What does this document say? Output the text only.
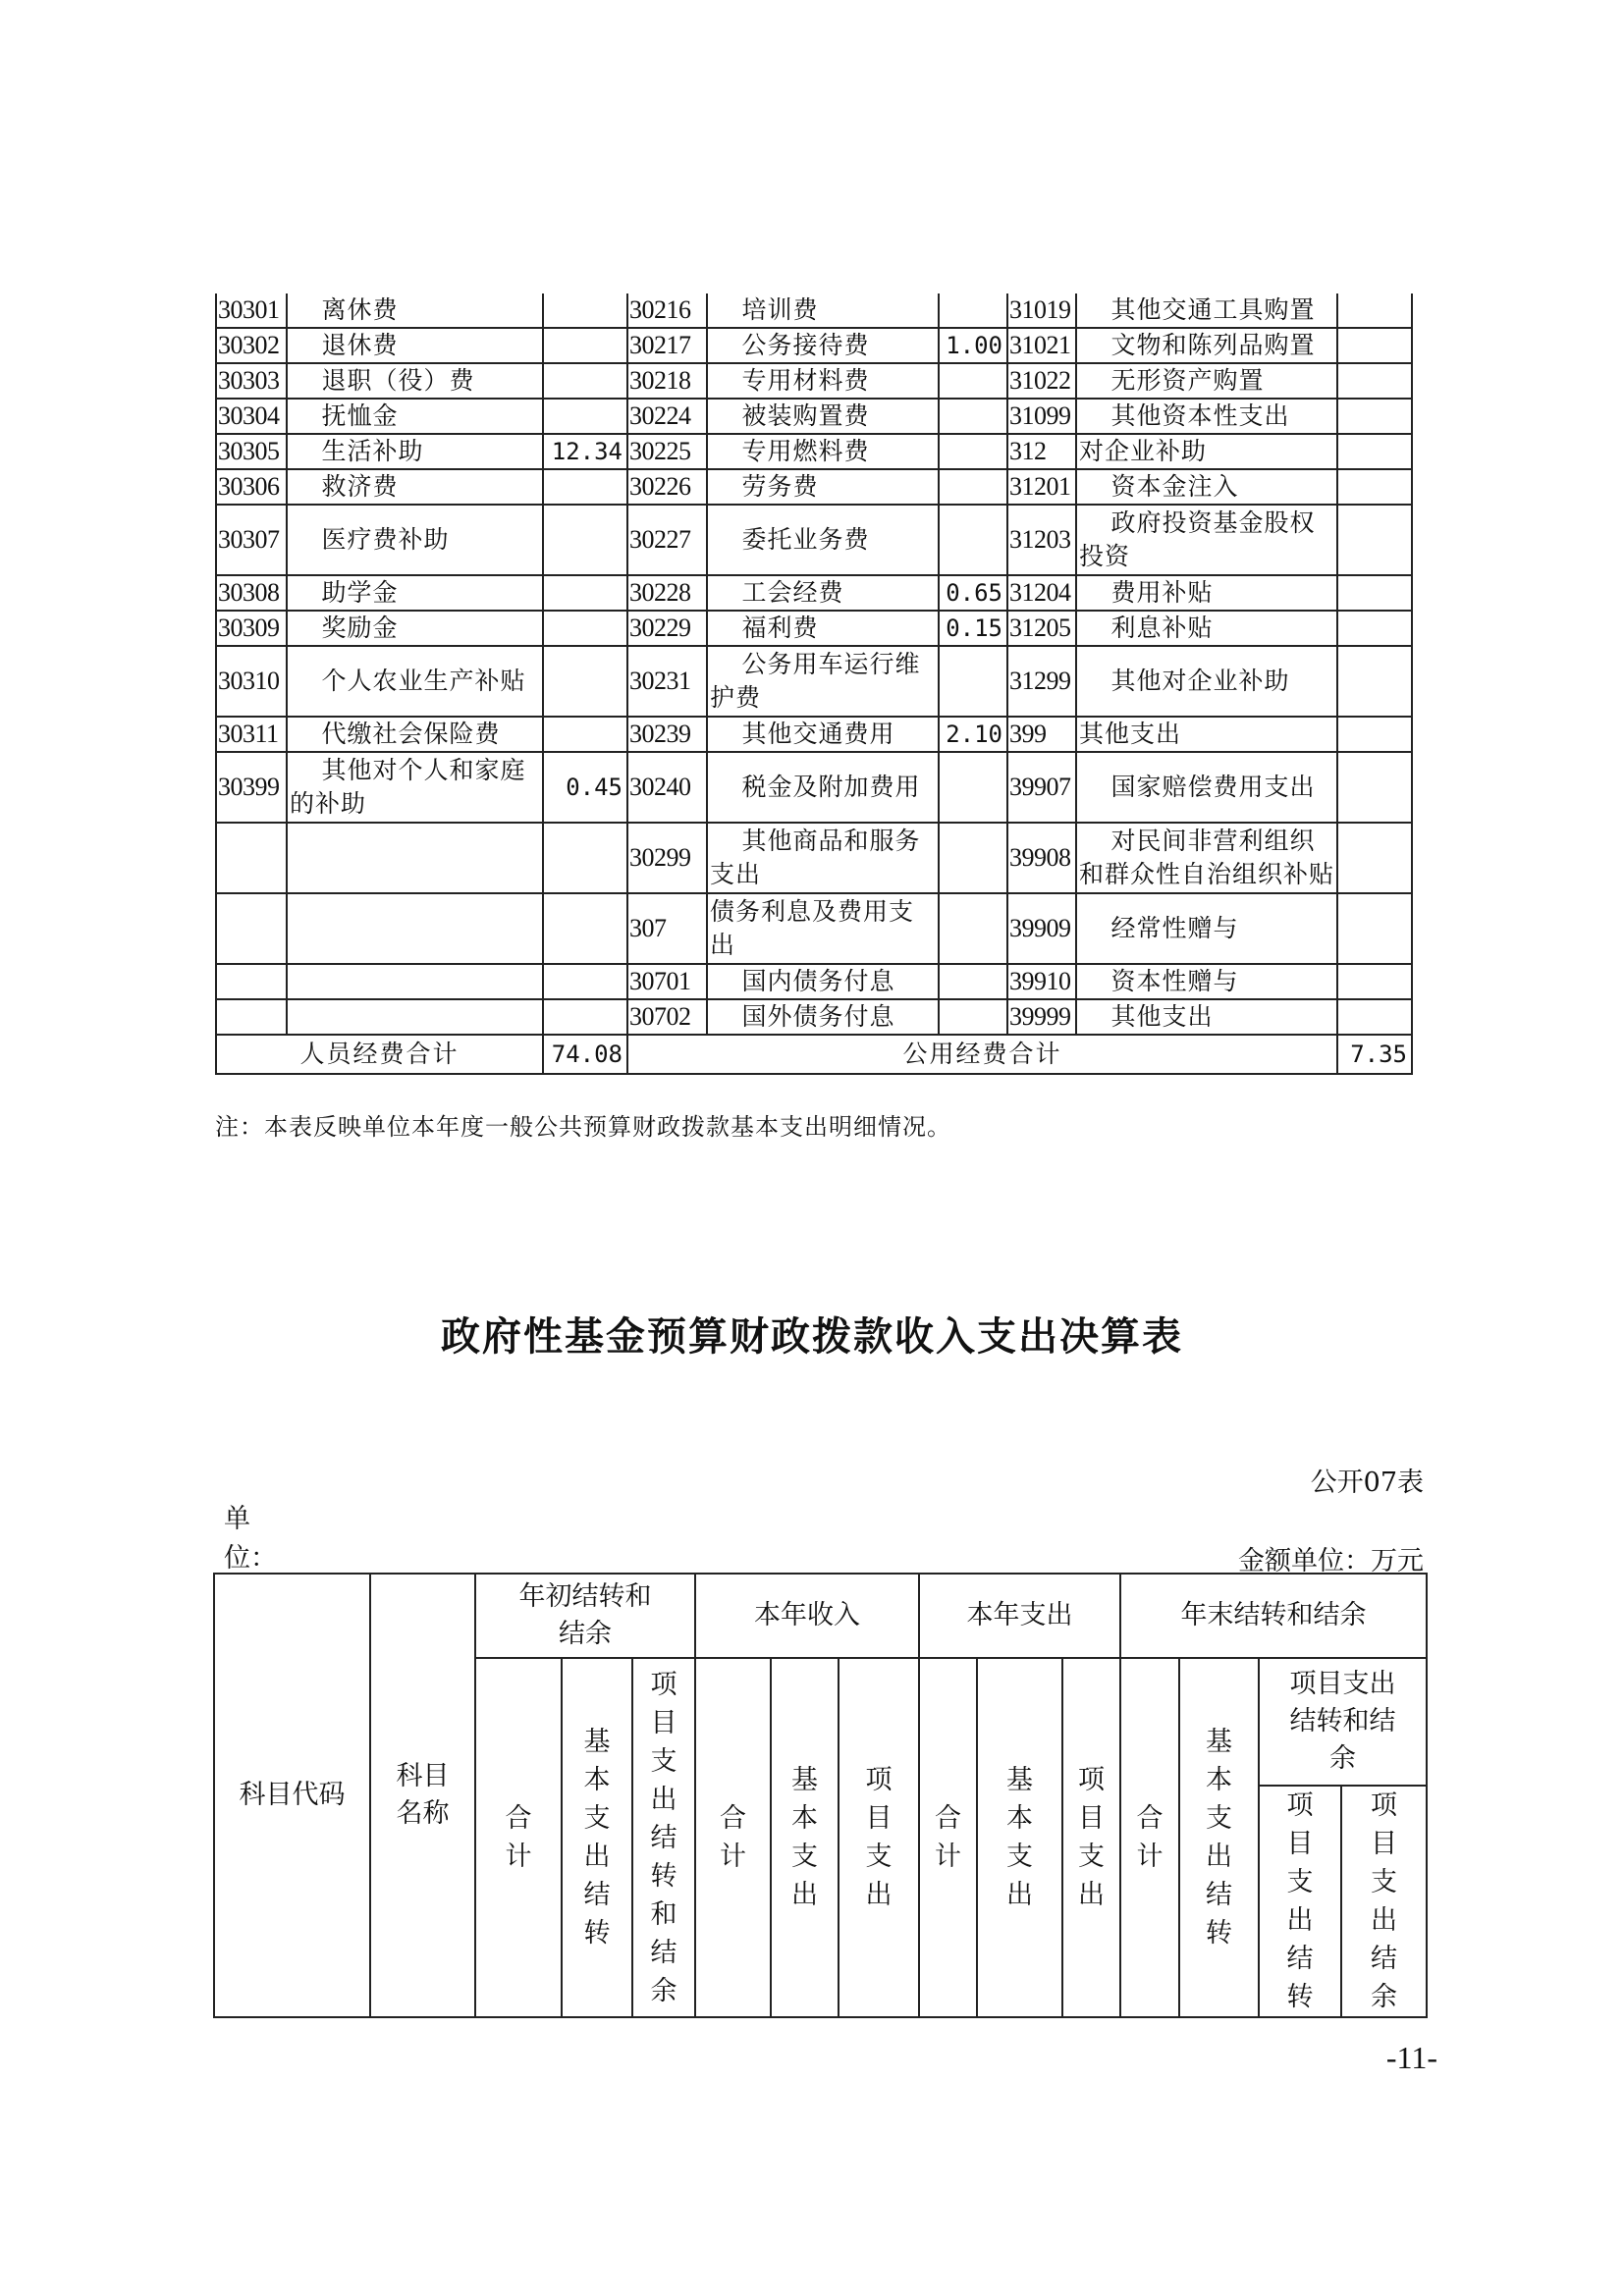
30301	离休费		30216	培训费		31019	其他交通工具购置	
30302	退休费		30217	公务接待费	1.00	31021	文物和陈列品购置	
30303	退职（役）费		30218	专用材料费		31022	无形资产购置	
30304	抚恤金		30224	被装购置费		31099	其他资本性支出	
30305	生活补助	12.34	30225	专用燃料费		312	对企业补助	
30306	救济费		30226	劳务费		31201	资本金注入	
30307	医疗费补助		30227	委托业务费		31203	政府投资基金股权投资	
30308	助学金		30228	工会经费	0.65	31204	费用补贴	
30309	奖励金		30229	福利费	0.15	31205	利息补贴	
30310	个人农业生产补贴		30231	公务用车运行维护费		31299	其他对企业补助	
30311	代缴社会保险费		30239	其他交通费用	2.10	399	其他支出	
30399	其他对个人和家庭的补助	0.45	30240	税金及附加费用		39907	国家赔偿费用支出	
			30299	其他商品和服务支出		39908	对民间非营利组织和群众性自治组织补贴	
			307	债务利息及费用支出		39909	经常性赠与	
			30701	国内债务付息		39910	资本性赠与	
			30702	国外债务付息		39999	其他支出	
人员经费合计		74.08	公用经费合计					7.35
注：本表反映单位本年度一般公共预算财政拨款基本支出明细情况。
政府性基金预算财政拨款收入支出决算表
公开07表
单位：	金额单位：万元
科目代码	科目名称	年初结转和结余			本年收入			本年支出			年末结转和结余			
		合计	基本支出结转	项目支出结转和结余	合计	基本支出	项目支出	合计	基本支出	项目支出	合计	基本支出结转	项目支出结转和结余	
													项目支出结转	项目支出结余
-11-
